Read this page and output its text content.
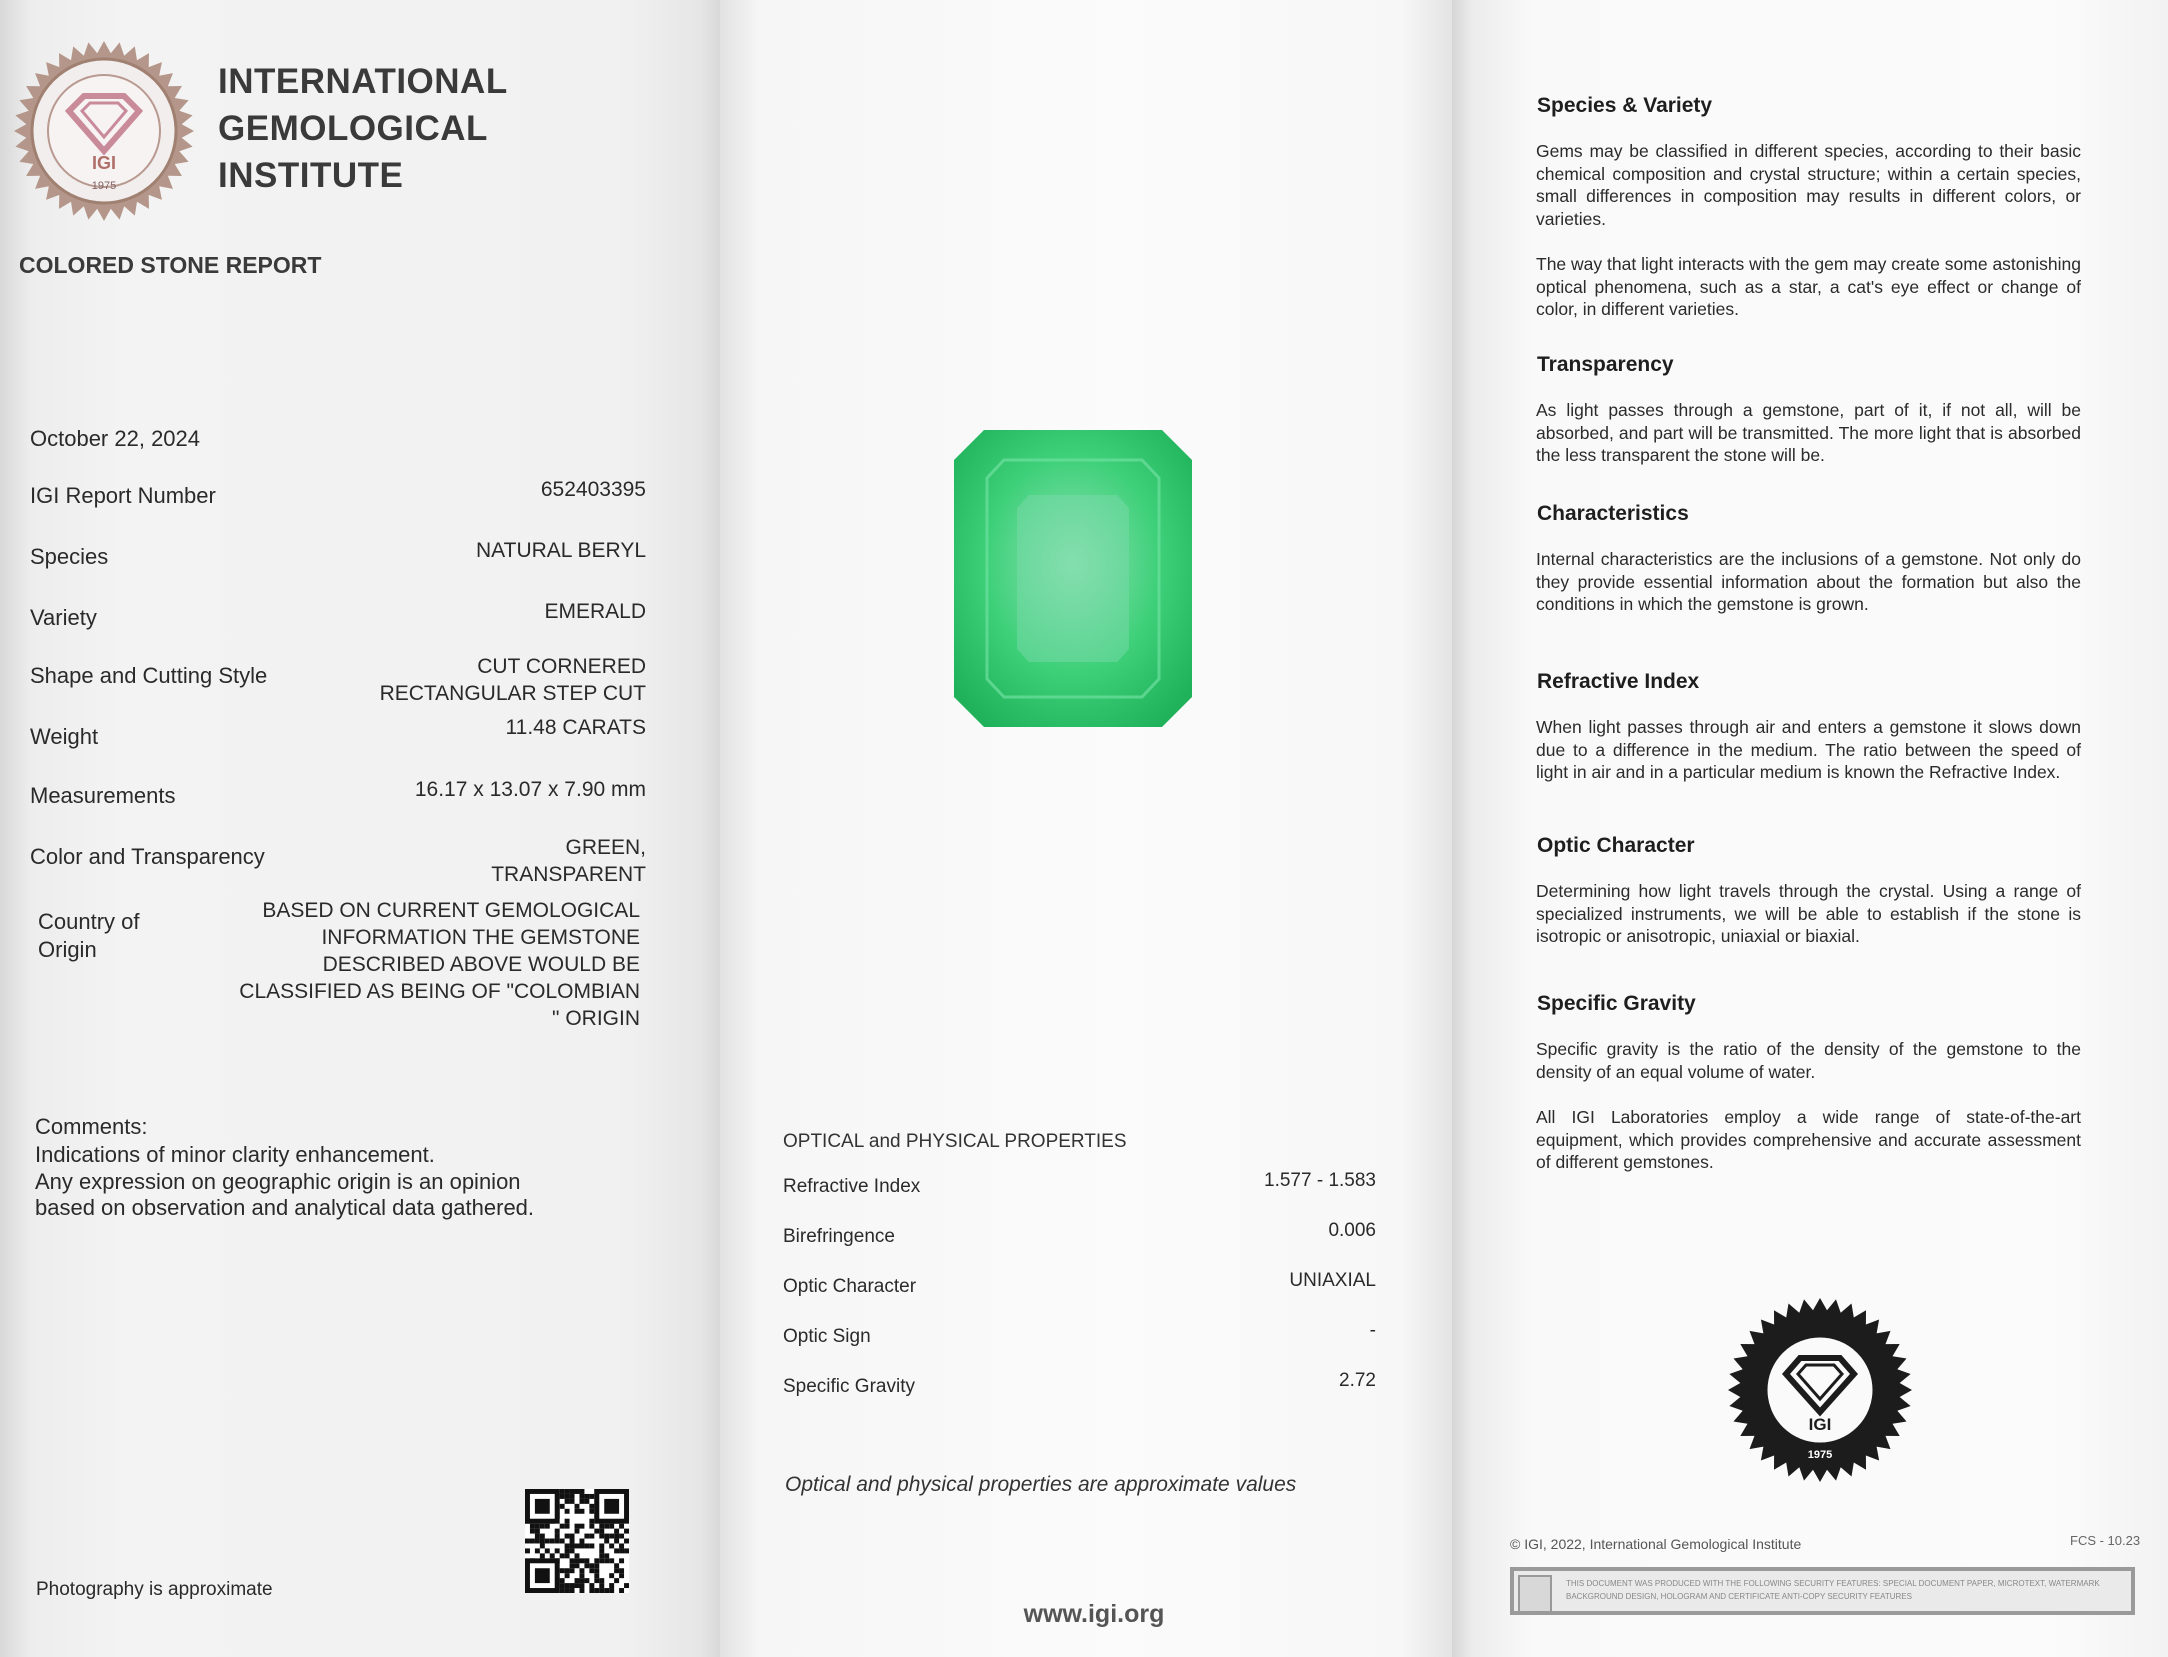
IGI
1975
INTERNATIONAL
GEMOLOGICAL
INSTITUTE
COLORED STONE REPORT
October 22, 2024
IGI Report Number	652403395
Species	NATURAL BERYL
Variety	EMERALD
Shape and Cutting Style	CUT CORNERED
RECTANGULAR STEP CUT
Weight	11.48 CARATS
Measurements	16.17 x 13.07 x 7.90 mm
Color and Transparency	GREEN,
TRANSPARENT
Country of
Origin
BASED ON CURRENT GEMOLOGICAL
INFORMATION THE GEMSTONE
DESCRIBED ABOVE WOULD BE
CLASSIFIED AS BEING OF "COLOMBIAN
" ORIGIN
Comments:
Indications of minor clarity enhancement.
Any expression on geographic origin is an opinion
based on observation and analytical data gathered.
Photography is approximate
OPTICAL and PHYSICAL PROPERTIES
Refractive Index	1.577 - 1.583
Birefringence	0.006
Optic Character	UNIAXIAL
Optic Sign	-
Specific Gravity	2.72
Optical and physical properties are approximate values
www.igi.org
Species & Variety
Gems may be classified in different species, according to their basic chemical composition and crystal structure; within a certain species, small differences in composition may results in different colors, or varieties.
The way that light interacts with the gem may create some astonishing optical phenomena, such as a star, a cat's eye effect or change of color, in different varieties.
Transparency
As light passes through a gemstone, part of it, if not all, will be absorbed, and part will be transmitted. The more light that is absorbed the less transparent the stone will be.
Characteristics
Internal characteristics are the inclusions of a gemstone. Not only do they provide essential information about the formation but also the conditions in which the gemstone is grown.
Refractive Index
When light passes through air and enters a gemstone it slows down due to a difference in the medium. The ratio between the speed of light in air and in a particular medium is known the Refractive Index.
Optic Character
Determining how light travels through the crystal. Using a range of specialized instruments, we will be able to establish if the stone is isotropic or anisotropic, uniaxial or biaxial.
Specific Gravity
Specific gravity is the ratio of the density of the gemstone to the density of an equal volume of water.
All IGI Laboratories employ a wide range of state-of-the-art equipment, which provides comprehensive and accurate assessment of different gemstones.
IGI
1975
© IGI, 2022, International Gemological Institute	FCS - 10.23
THIS DOCUMENT WAS PRODUCED WITH THE FOLLOWING SECURITY FEATURES: SPECIAL DOCUMENT PAPER, MICROTEXT, WATERMARK BACKGROUND DESIGN, HOLOGRAM AND CERTIFICATE ANTI-COPY SECURITY FEATURES
